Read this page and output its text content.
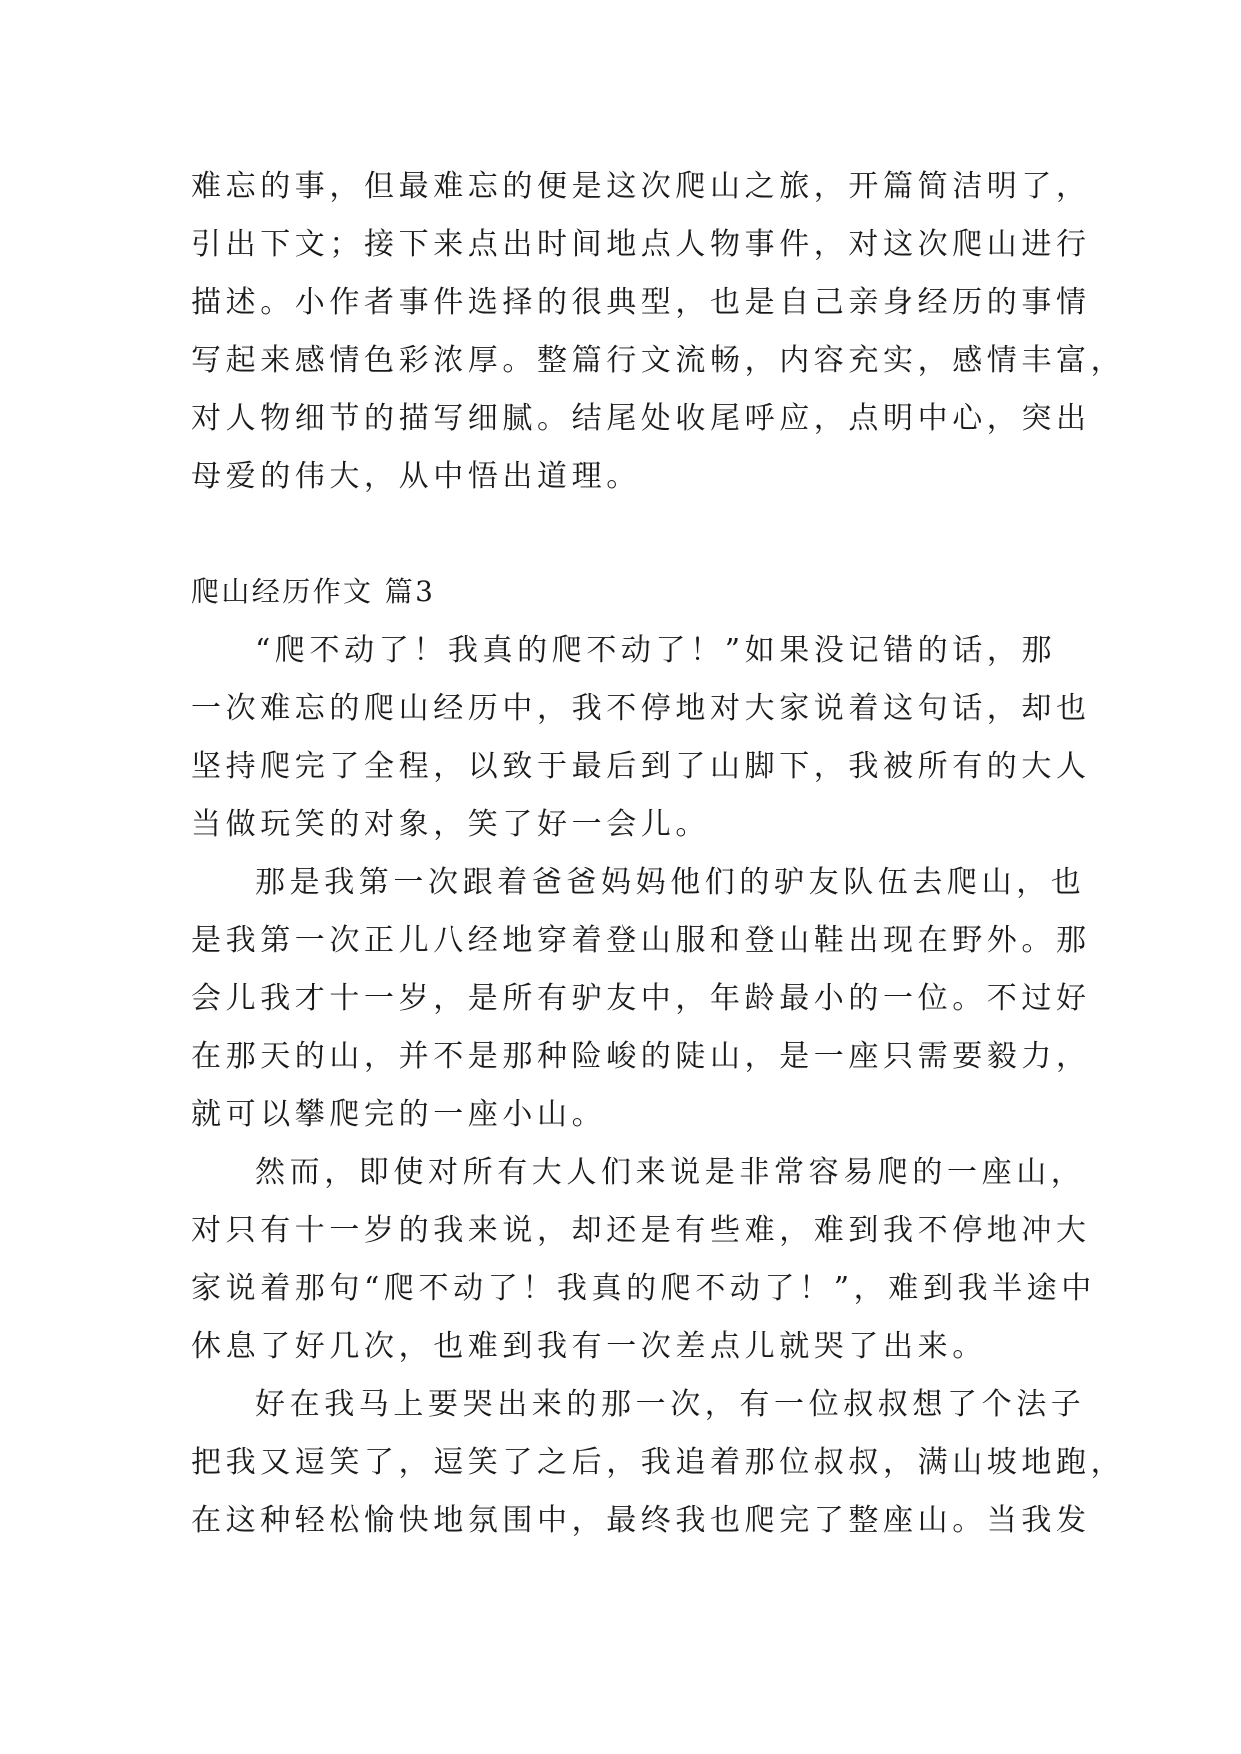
难忘的事，但最难忘的便是这次爬山之旅，开篇简洁明了，
引出下文；接下来点出时间地点人物事件，对这次爬山进行
描述。小作者事件选择的很典型，也是自己亲身经历的事情
写起来感情色彩浓厚。整篇行文流畅，内容充实，感情丰富，
对人物细节的描写细腻。结尾处收尾呼应，点明中心，突出
母爱的伟大，从中悟出道理。
爬山经历作文 篇3
“爬不动了！我真的爬不动了！”如果没记错的话，那
一次难忘的爬山经历中，我不停地对大家说着这句话，却也
坚持爬完了全程，以致于最后到了山脚下，我被所有的大人
当做玩笑的对象，笑了好一会儿。
那是我第一次跟着爸爸妈妈他们的驴友队伍去爬山，也
是我第一次正儿八经地穿着登山服和登山鞋出现在野外。那
会儿我才十一岁，是所有驴友中，年龄最小的一位。不过好
在那天的山，并不是那种险峻的陡山，是一座只需要毅力，
就可以攀爬完的一座小山。
然而，即使对所有大人们来说是非常容易爬的一座山，
对只有十一岁的我来说，却还是有些难，难到我不停地冲大
家说着那句“爬不动了！我真的爬不动了！”，难到我半途中
休息了好几次，也难到我有一次差点儿就哭了出来。
好在我马上要哭出来的那一次，有一位叔叔想了个法子
把我又逗笑了，逗笑了之后，我追着那位叔叔，满山坡地跑，
在这种轻松愉快地氛围中，最终我也爬完了整座山。当我发
